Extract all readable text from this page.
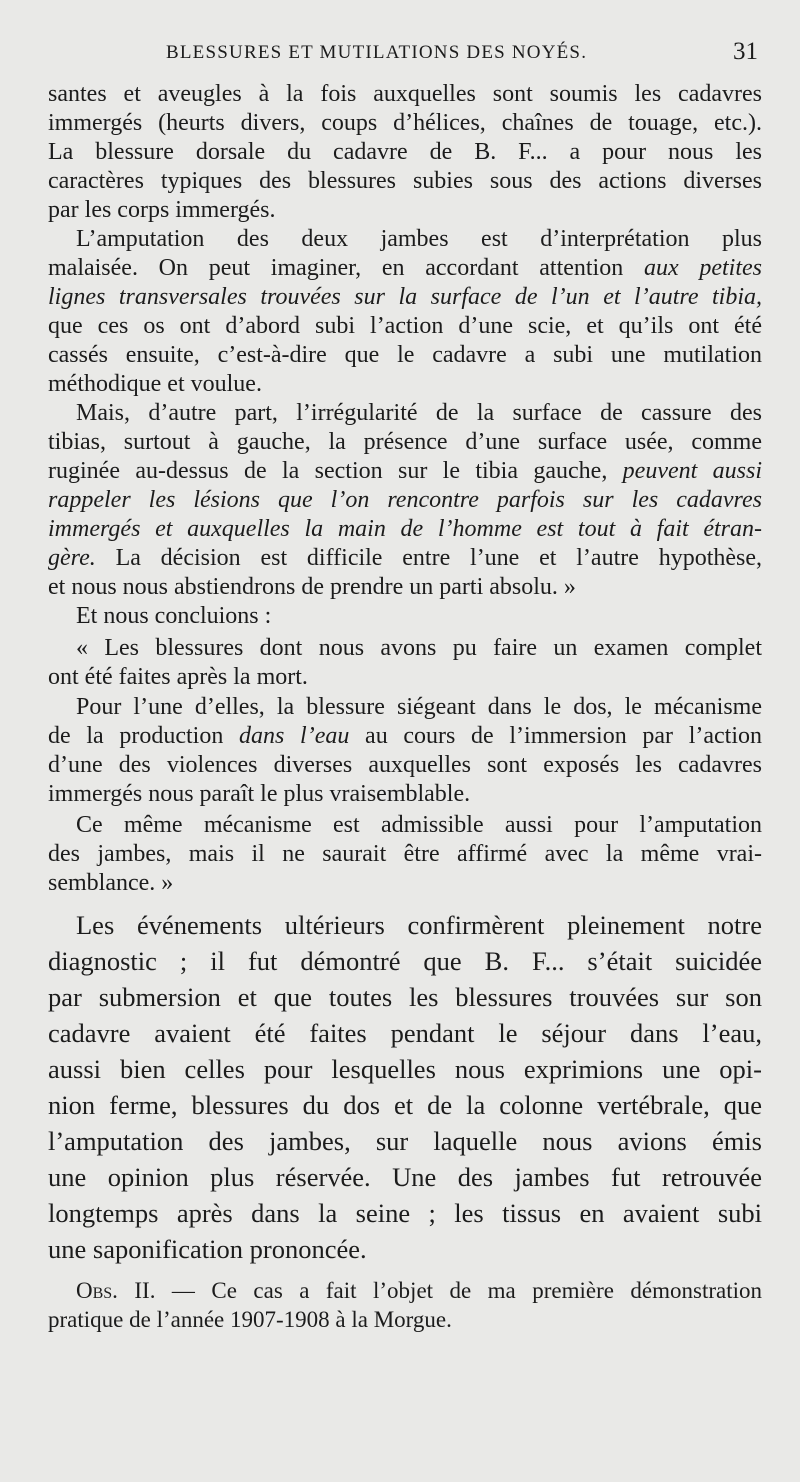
BLESSURES ET MUTILATIONS DES NOYÉS.	31
santes et aveugles à la fois auxquelles sont soumis les cadavres
immergés (heurts divers, coups d’hélices, chaînes de touage, etc.).
La blessure dorsale du cadavre de B. F... a pour nous les
caractères typiques des blessures subies sous des actions diverses
par les corps immergés.
L’amputation des deux jambes est d’interprétation plus
malaisée. On peut imaginer, en accordant attention aux petites
lignes transversales trouvées sur la surface de l’un et l’autre tibia,
que ces os ont d’abord subi l’action d’une scie, et qu’ils ont été
cassés ensuite, c’est-à-dire que le cadavre a subi une mutilation
méthodique et voulue.
Mais, d’autre part, l’irrégularité de la surface de cassure des
tibias, surtout à gauche, la présence d’une surface usée, comme
ruginée au-dessus de la section sur le tibia gauche, peuvent aussi
rappeler les lésions que l’on rencontre parfois sur les cadavres
immergés et auxquelles la main de l’homme est tout à fait étran-
gère. La décision est difficile entre l’une et l’autre hypothèse,
et nous nous abstiendrons de prendre un parti absolu. »
Et nous concluions :
« Les blessures dont nous avons pu faire un examen complet
ont été faites après la mort.
Pour l’une d’elles, la blessure siégeant dans le dos, le mécanisme
de la production dans l’eau au cours de l’immersion par l’action
d’une des violences diverses auxquelles sont exposés les cadavres
immergés nous paraît le plus vraisemblable.
Ce même mécanisme est admissible aussi pour l’amputation
des jambes, mais il ne saurait être affirmé avec la même vrai-
semblance. »
Les événements ultérieurs confirmèrent pleinement notre
diagnostic ; il fut démontré que B. F... s’était suicidée
par submersion et que toutes les blessures trouvées sur son
cadavre avaient été faites pendant le séjour dans l’eau,
aussi bien celles pour lesquelles nous exprimions une opi-
nion ferme, blessures du dos et de la colonne vertébrale, que
l’amputation des jambes, sur laquelle nous avions émis
une opinion plus réservée. Une des jambes fut retrouvée
longtemps après dans la seine ; les tissus en avaient subi
une saponification prononcée.
Obs. II. — Ce cas a fait l’objet de ma première démonstration
pratique de l’année 1907-1908 à la Morgue.
